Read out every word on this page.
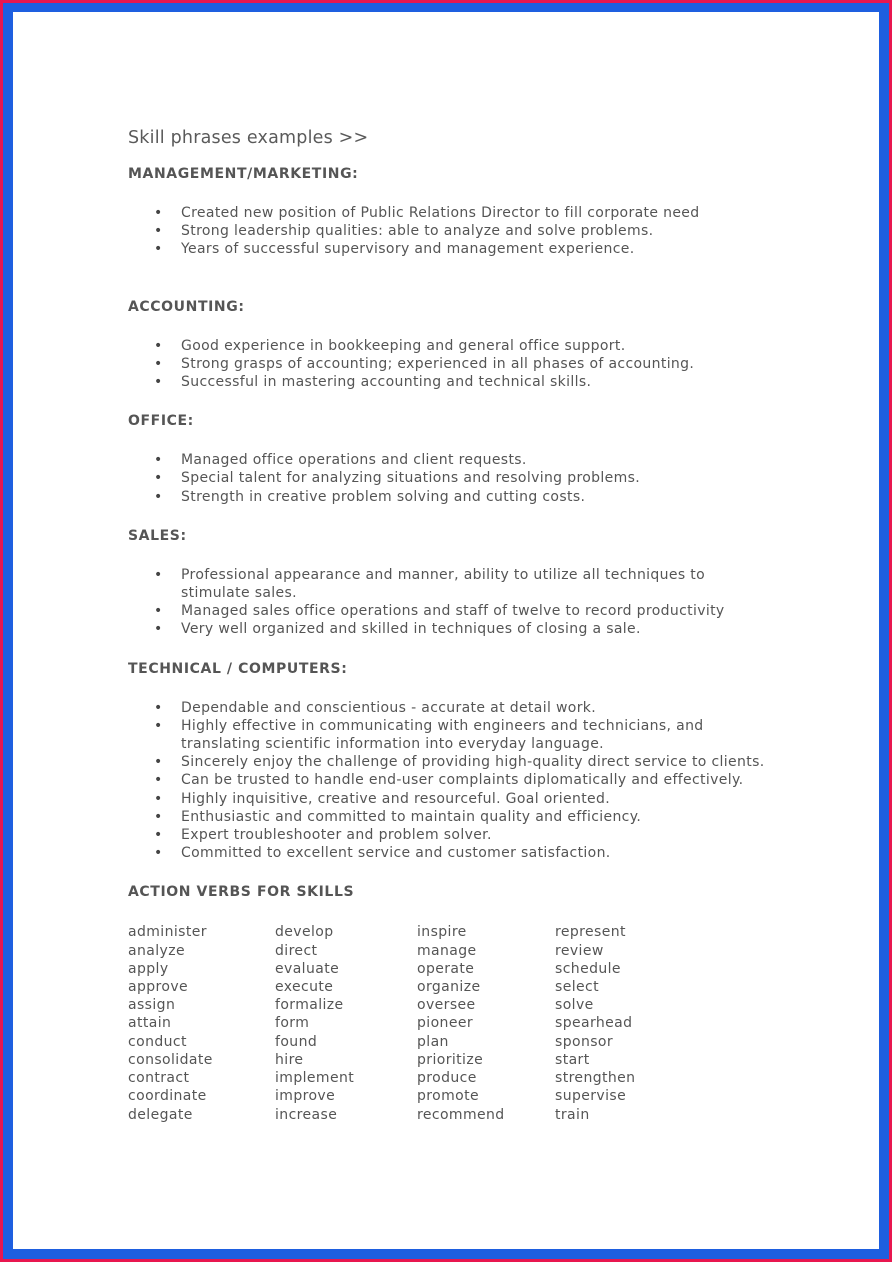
Skill phrases examples >>
MANAGEMENT/MARKETING:
• Created new position of Public Relations Director to fill corporate need
• Strong leadership qualities: able to analyze and solve problems.
• Years of successful supervisory and management experience.
ACCOUNTING:
• Good experience in bookkeeping and general office support.
• Strong grasps of accounting; experienced in all phases of accounting.
• Successful in mastering accounting and technical skills.
OFFICE:
• Managed office operations and client requests.
• Special talent for analyzing situations and resolving problems.
• Strength in creative problem solving and cutting costs.
SALES:
• Professional appearance and manner, ability to utilize all techniques to stimulate sales.
• Managed sales office operations and staff of twelve to record productivity
• Very well organized and skilled in techniques of closing a sale.
TECHNICAL / COMPUTERS:
• Dependable and conscientious - accurate at detail work.
• Highly effective in communicating with engineers and technicians, and translating scientific information into everyday language.
• Sincerely enjoy the challenge of providing high-quality direct service to clients.
• Can be trusted to handle end-user complaints diplomatically and effectively.
• Highly inquisitive, creative and resourceful. Goal oriented.
• Enthusiastic and committed to maintain quality and efficiency.
• Expert troubleshooter and problem solver.
• Committed to excellent service and customer satisfaction.
ACTION VERBS FOR SKILLS
administer
analyze
apply
approve
assign
attain
conduct
consolidate
contract
coordinate
delegate
develop
direct
evaluate
execute
formalize
form
found
hire
implement
improve
increase
inspire
manage
operate
organize
oversee
pioneer
plan
prioritize
produce
promote
recommend
represent
review
schedule
select
solve
spearhead
sponsor
start
strengthen
supervise
train
